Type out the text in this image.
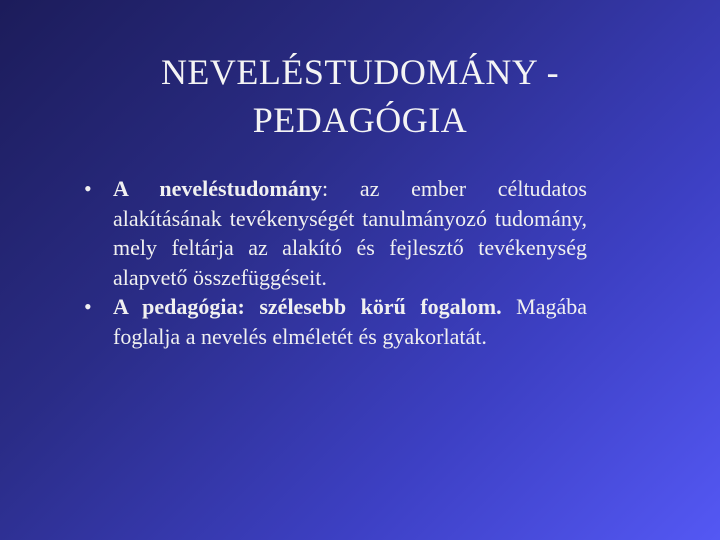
NEVELÉSTUDOMÁNY -
PEDAGÓGIA
• A neveléstudomány: az ember céltudatos alakításának tevékenységét tanulmányozó tudomány, mely feltárja az alakító és fejlesztő tevékenység alapvető összefüggéseit.
• A pedagógia: szélesebb körű fogalom. Magába foglalja a nevelés elméletét és gyakorlatát.
